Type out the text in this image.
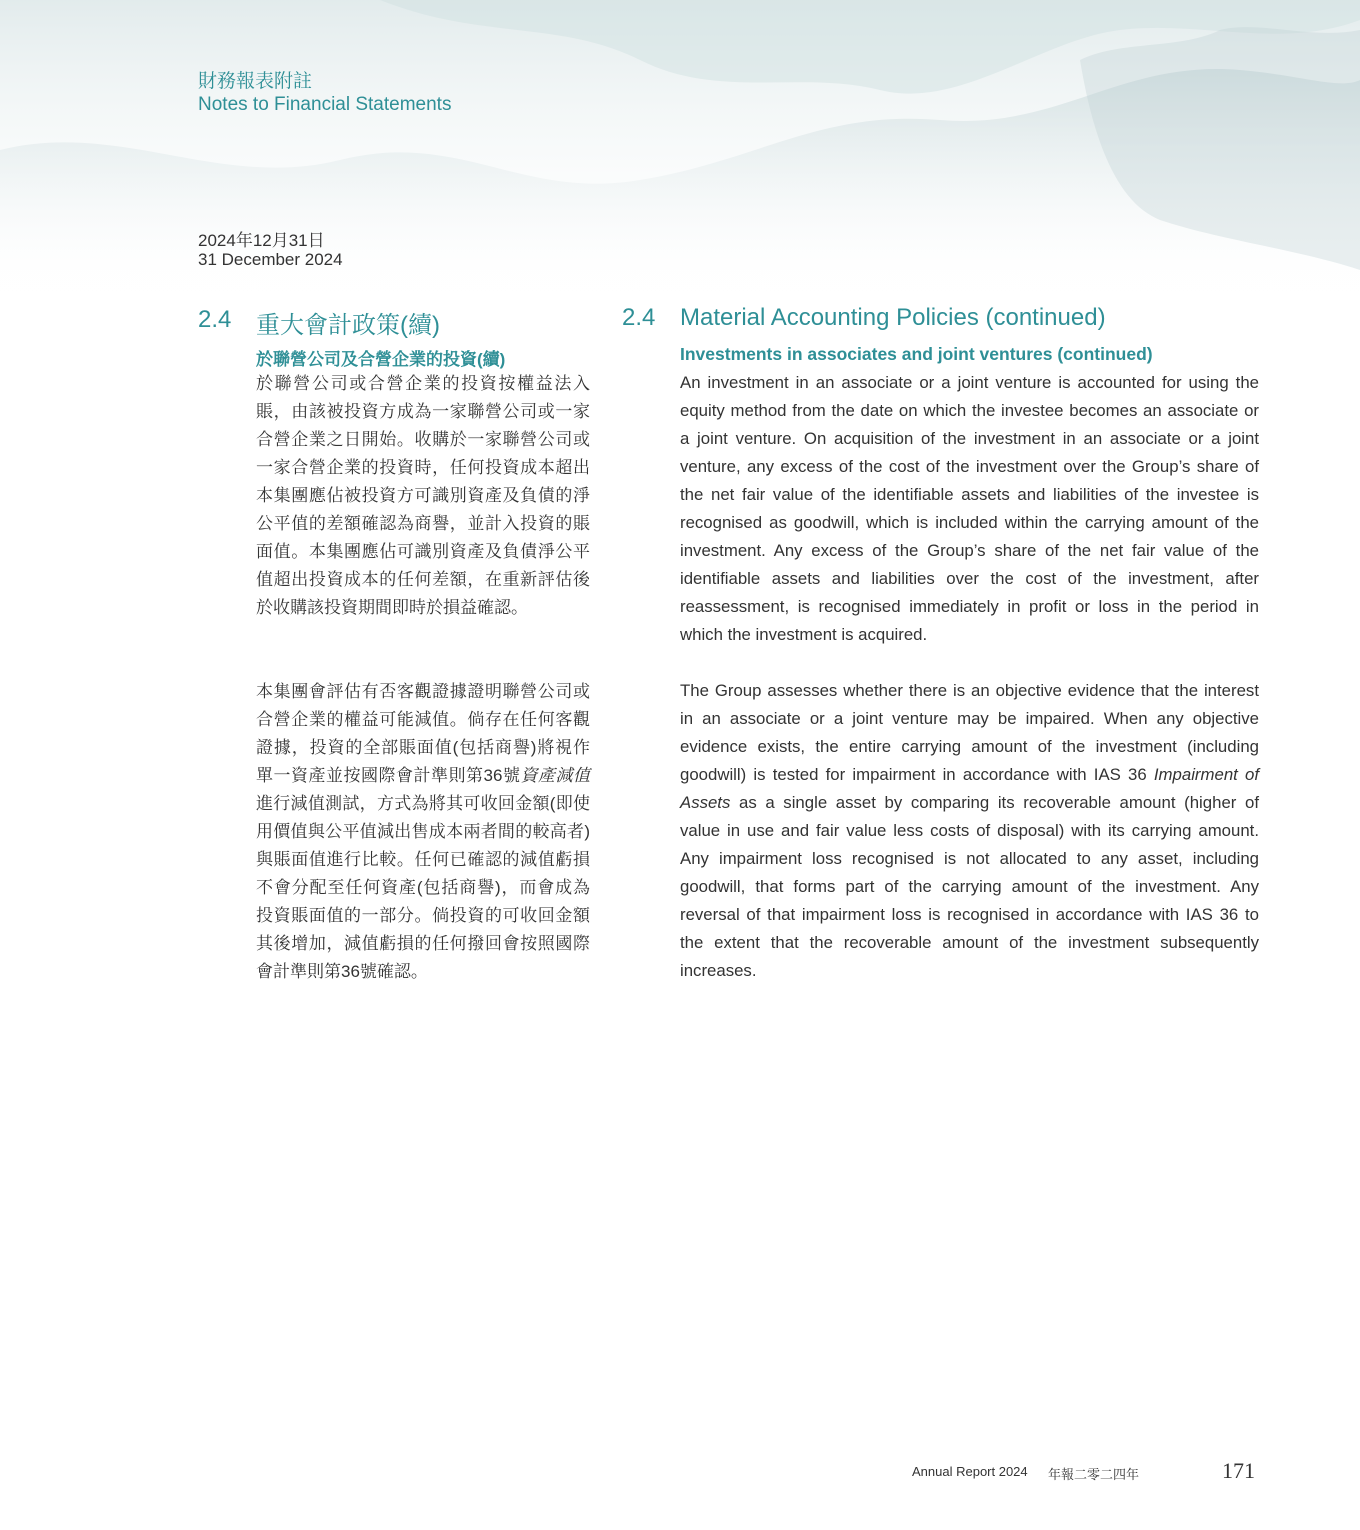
財務報表附註
Notes to Financial Statements
2024年12月31日
31 December 2024
2.4 重大會計政策(續)
於聯營公司及合營企業的投資(續)
於聯營公司或合營企業的投資按權益法入賬，由該被投資方成為一家聯營公司或一家合營企業之日開始。收購於一家聯營公司或一家合營企業的投資時，任何投資成本超出本集團應佔被投資方可識別資產及負債的淨公平值的差額確認為商譽，並計入投資的賬面值。本集團應佔可識別資產及負債淨公平值超出投資成本的任何差額，在重新評估後於收購該投資期間即時於損益確認。
本集團會評估有否客觀證據證明聯營公司或合營企業的權益可能減值。倘存在任何客觀證據，投資的全部賬面值(包括商譽)將視作單一資產並按國際會計準則第36號資產減值進行減值測試，方式為將其可收回金額(即使用價值與公平值減出售成本兩者間的較高者)與賬面值進行比較。任何已確認的減值虧損不會分配至任何資產(包括商譽)，而會成為投資賬面值的一部分。倘投資的可收回金額其後增加，減值虧損的任何撥回會按照國際會計準則第36號確認。
2.4 Material Accounting Policies (continued)
Investments in associates and joint ventures (continued)
An investment in an associate or a joint venture is accounted for using the equity method from the date on which the investee becomes an associate or a joint venture. On acquisition of the investment in an associate or a joint venture, any excess of the cost of the investment over the Group’s share of the net fair value of the identifiable assets and liabilities of the investee is recognised as goodwill, which is included within the carrying amount of the investment. Any excess of the Group’s share of the net fair value of the identifiable assets and liabilities over the cost of the investment, after reassessment, is recognised immediately in profit or loss in the period in which the investment is acquired.
The Group assesses whether there is an objective evidence that the interest in an associate or a joint venture may be impaired. When any objective evidence exists, the entire carrying amount of the investment (including goodwill) is tested for impairment in accordance with IAS 36 Impairment of Assets as a single asset by comparing its recoverable amount (higher of value in use and fair value less costs of disposal) with its carrying amount. Any impairment loss recognised is not allocated to any asset, including goodwill, that forms part of the carrying amount of the investment. Any reversal of that impairment loss is recognised in accordance with IAS 36 to the extent that the recoverable amount of the investment subsequently increases.
Annual Report 2024 年報二零二四年	171
